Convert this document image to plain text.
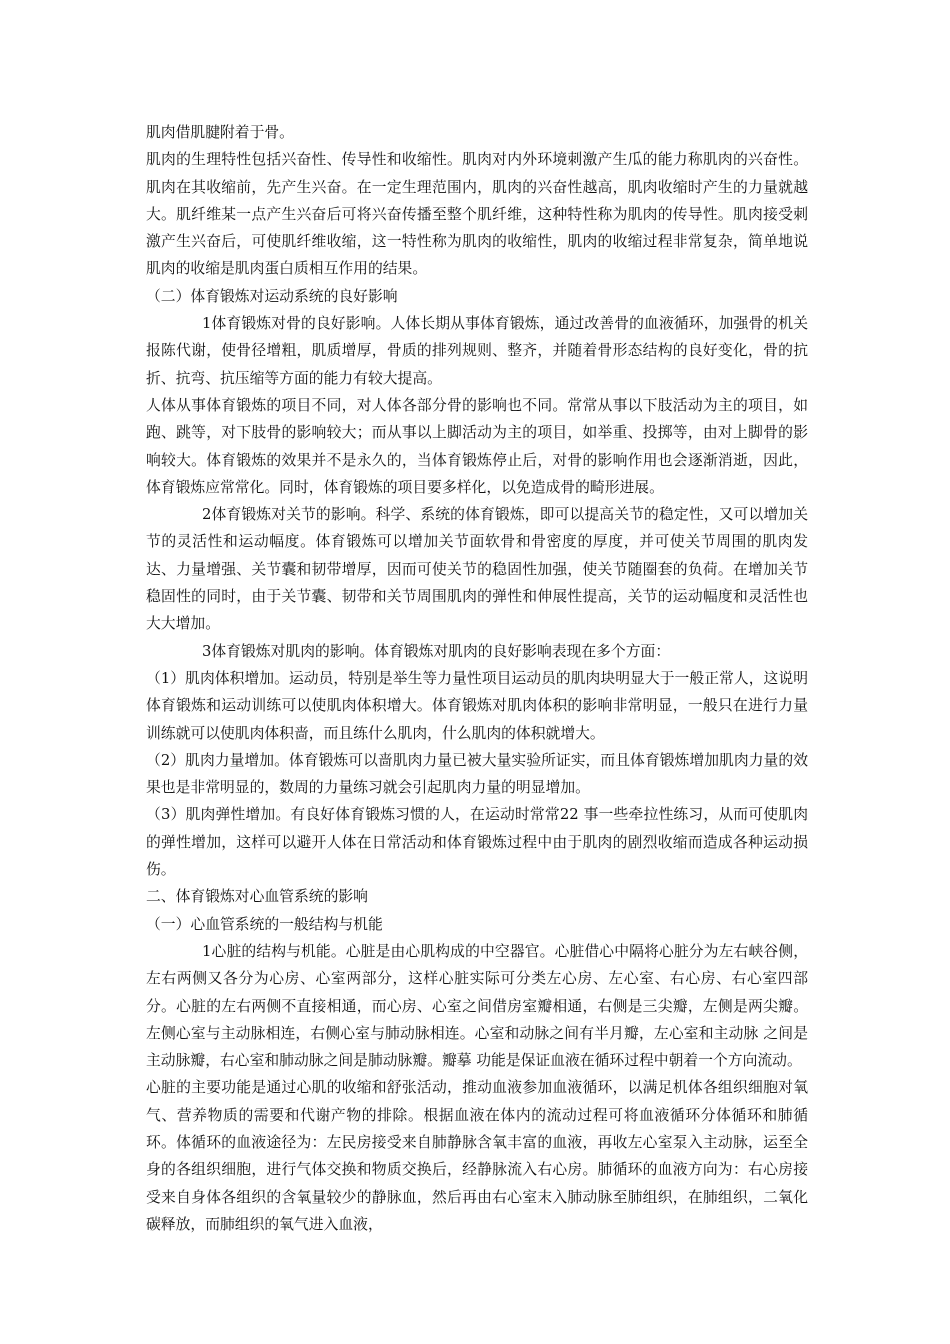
肌肉借肌腱附着于骨。

肌肉的生理特性包括兴奋性、传导性和收缩性。肌肉对内外环境刺激产生瓜的能力称肌肉的兴奋性。肌肉在其收缩前，先产生兴奋。在一定生理范围内，肌肉的兴奋性越高，肌肉收缩时产生的力量就越大。肌纤维某一点产生兴奋后可将兴奋传播至整个肌纤维，这种特性称为肌肉的传导性。肌肉接受刺激产生兴奋后，可使肌纤维收缩，这一特性称为肌肉的收缩性，肌肉的收缩过程非常复杂，简单地说肌肉的收缩是肌肉蛋白质相互作用的结果。

（二）体育锻炼对运动系统的良好影响

1体育锻炼对骨的良好影响。人体长期从事体育锻炼，通过改善骨的血液循环，加强骨的机关报陈代谢，使骨径增粗，肌质增厚，骨质的排列规则、整齐，并随着骨形态结构的良好变化，骨的抗折、抗弯、抗压缩等方面的能力有较大提高。

人体从事体育锻炼的项目不同，对人体各部分骨的影响也不同。常常从事以下肢活动为主的项目，如跑、跳等，对下肢骨的影响较大；而从事以上脚活动为主的项目，如举重、投掷等，由对上脚骨的影响较大。体育锻炼的效果并不是永久的，当体育锻炼停止后，对骨的影响作用也会逐渐消逝，因此，体育锻炼应常常化。同时，体育锻炼的项目要多样化，以免造成骨的畸形进展。

2体育锻炼对关节的影响。科学、系统的体育锻炼，即可以提高关节的稳定性，又可以增加关节的灵活性和运动幅度。体育锻炼可以增加关节面软骨和骨密度的厚度，并可使关节周围的肌肉发达、力量增强、关节囊和韧带增厚，因而可使关节的稳固性加强，使关节随圈套的负荷。在增加关节稳固性的同时，由于关节囊、韧带和关节周围肌肉的弹性和伸展性提高，关节的运动幅度和灵活性也大大增加。

3体育锻炼对肌肉的影响。体育锻炼对肌肉的良好影响表现在多个方面：

（1）肌肉体积增加。运动员，特别是举生等力量性项目运动员的肌肉块明显大于一般正常人，这说明体育锻炼和运动训练可以使肌肉体积增大。体育锻炼对肌肉体积的影响非常明显，一般只在进行力量训练就可以使肌肉体积啬，而且练什么肌肉，什么肌肉的体积就增大。

（2）肌肉力量增加。体育锻炼可以啬肌肉力量已被大量实验所证实，而且体育锻炼增加肌肉力量的效果也是非常明显的，数周的力量练习就会引起肌肉力量的明显增加。

（3）肌肉弹性增加。有良好体育锻炼习惯的人，在运动时常常22 事一些牵拉性练习，从而可使肌肉的弹性增加，这样可以避开人体在日常活动和体育锻炼过程中由于肌肉的剧烈收缩而造成各种运动损伤。

二、体育锻炼对心血管系统的影响

（一）心血管系统的一般结构与机能

1心脏的结构与机能。心脏是由心肌构成的中空器官。心脏借心中隔将心脏分为左右峡谷侧，左右两侧又各分为心房、心室两部分，这样心脏实际可分类左心房、左心室、右心房、右心室四部分。心脏的左右两侧不直接相通，而心房、心室之间借房室瓣相通，右侧是三尖瓣，左侧是两尖瓣。左侧心室与主动脉相连，右侧心室与肺动脉相连。心室和动脉之间有半月瓣，左心室和主动脉 之间是主动脉瓣，右心室和肺动脉之间是肺动脉瓣。瓣摹 功能是保证血液在循环过程中朝着一个方向流动。

心脏的主要功能是通过心肌的收缩和舒张活动，推动血液参加血液循环，以满足机体各组织细胞对氧气、营养物质的需要和代谢产物的排除。根据血液在体内的流动过程可将血液循环分体循环和肺循环。体循环的血液途径为：左民房接受来自肺静脉含氧丰富的血液，再收左心室泵入主动脉，运至全身的各组织细胞，进行气体交换和物质交换后，经静脉流入右心房。肺循环的血液方向为：右心房接受来自身体各组织的含氧量较少的静脉血，然后再由右心室末入肺动脉至肺组织，在肺组织，二氧化碳释放，而肺组织的氧气进入血液，
